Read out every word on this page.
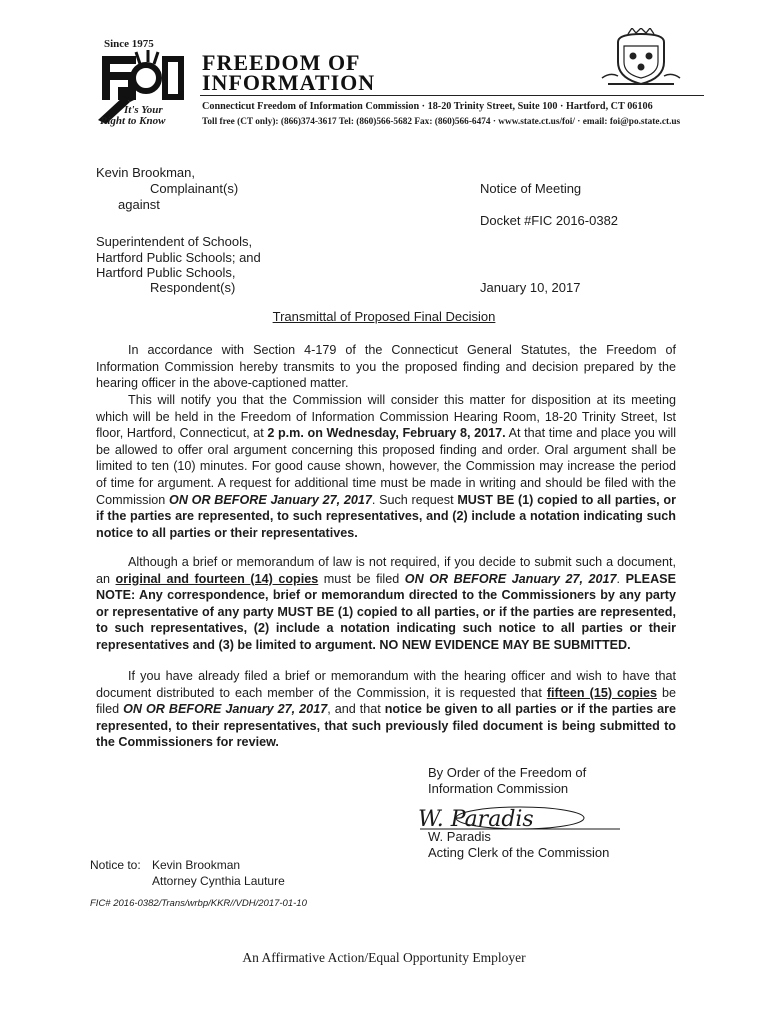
Since 1975
It's Your
Right to Know
FREEDOM OF
INFORMATION
Connecticut Freedom of Information Commission · 18-20 Trinity Street, Suite 100 · Hartford, CT 06106
Toll free (CT only): (866)374-3617 Tel: (860)566-5682 Fax: (860)566-6474 · www.state.ct.us/foi/ · email: foi@po.state.ct.us
Kevin Brookman,
Complainant(s)
against
Superintendent of Schools,
Hartford Public Schools; and
Hartford Public Schools,
Respondent(s)
Notice of Meeting
Docket #FIC 2016-0382
January 10, 2017
Transmittal of Proposed Final Decision
In accordance with Section 4-179 of the Connecticut General Statutes, the Freedom of Information Commission hereby transmits to you the proposed finding and decision prepared by the hearing officer in the above-captioned matter.
This will notify you that the Commission will consider this matter for disposition at its meeting which will be held in the Freedom of Information Commission Hearing Room, 18-20 Trinity Street, Ist floor, Hartford, Connecticut, at 2 p.m. on Wednesday, February 8, 2017. At that time and place you will be allowed to offer oral argument concerning this proposed finding and order. Oral argument shall be limited to ten (10) minutes. For good cause shown, however, the Commission may increase the period of time for argument. A request for additional time must be made in writing and should be filed with the Commission ON OR BEFORE January 27, 2017. Such request MUST BE (1) copied to all parties, or if the parties are represented, to such representatives, and (2) include a notation indicating such notice to all parties or their representatives.
Although a brief or memorandum of law is not required, if you decide to submit such a document, an original and fourteen (14) copies must be filed ON OR BEFORE January 27, 2017. PLEASE NOTE: Any correspondence, brief or memorandum directed to the Commissioners by any party or representative of any party MUST BE (1) copied to all parties, or if the parties are represented, to such representatives, (2) include a notation indicating such notice to all parties or their representatives and (3) be limited to argument. NO NEW EVIDENCE MAY BE SUBMITTED.
If you have already filed a brief or memorandum with the hearing officer and wish to have that document distributed to each member of the Commission, it is requested that fifteen (15) copies be filed ON OR BEFORE January 27, 2017, and that notice be given to all parties or if the parties are represented, to their representatives, that such previously filed document is being submitted to the Commissioners for review.
By Order of the Freedom of
Information Commission
W. Paradis
W. Paradis
Acting Clerk of the Commission
Notice to: Kevin Brookman
Attorney Cynthia Lauture
FIC# 2016-0382/Trans/wrbp/KKR//VDH/2017-01-10
An Affirmative Action/Equal Opportunity Employer
